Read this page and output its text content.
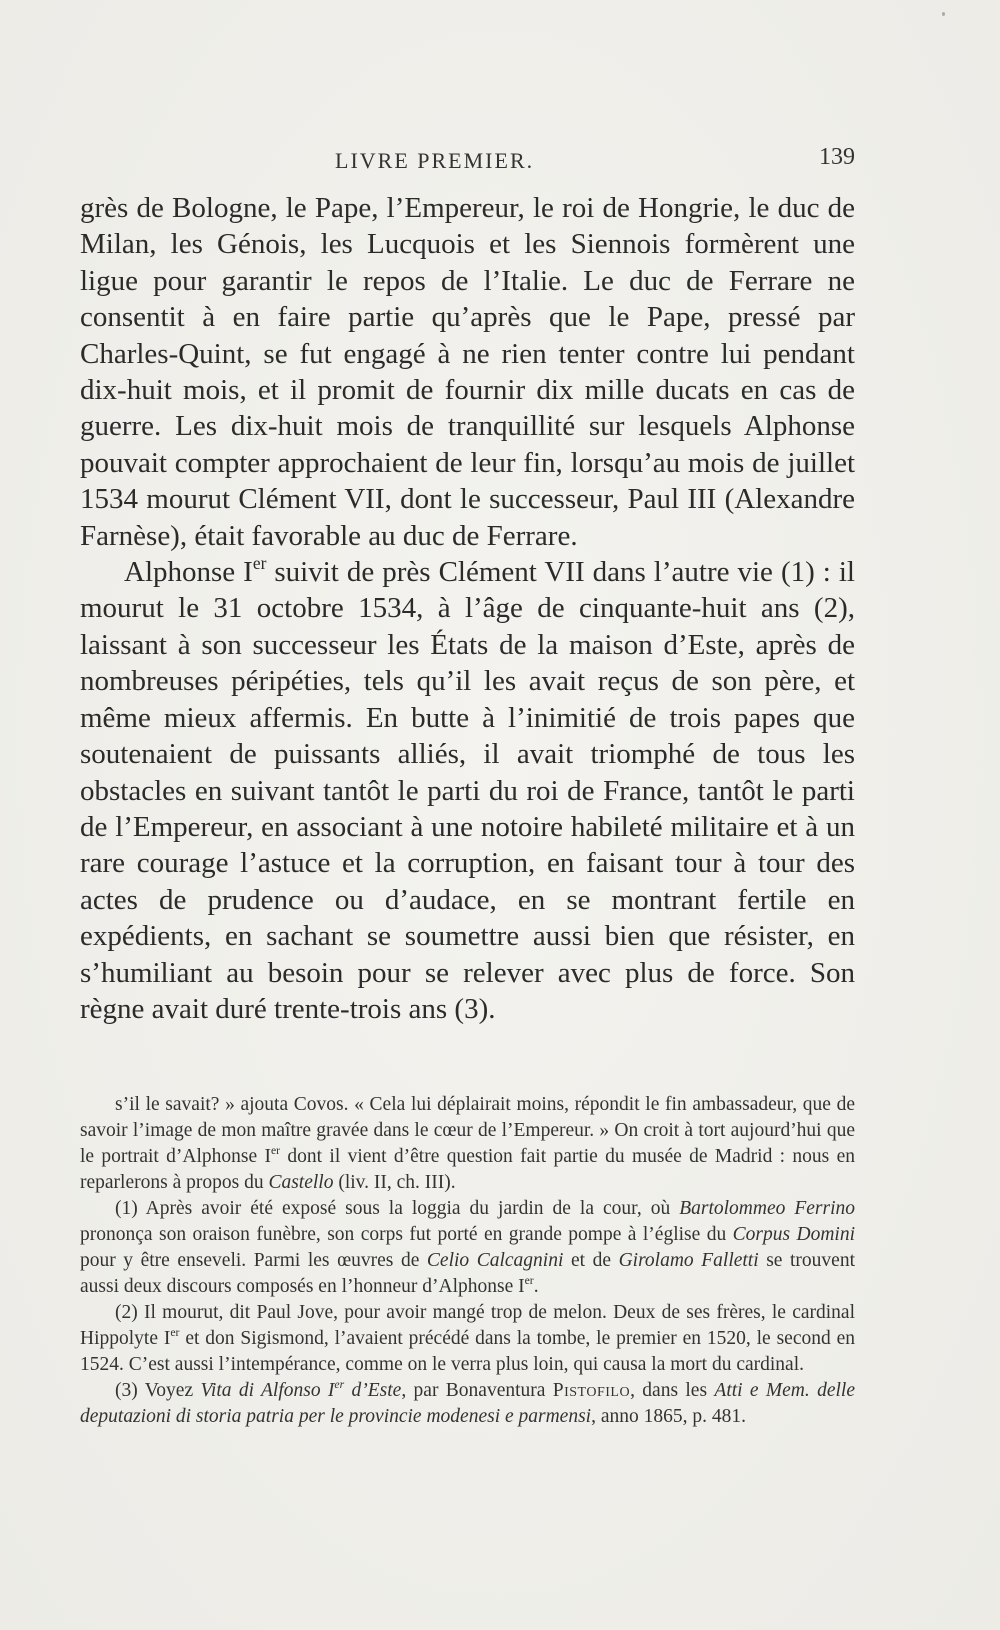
LIVRE PREMIER.	139

grès de Bologne, le Pape, l’Empereur, le roi de Hongrie, le duc de Milan, les Génois, les Lucquois et les Siennois formèrent une ligue pour garantir le repos de l’Italie. Le duc de Ferrare ne consentit à en faire partie qu’après que le Pape, pressé par Charles-Quint, se fut engagé à ne rien tenter contre lui pendant dix-huit mois, et il promit de fournir dix mille ducats en cas de guerre. Les dix-huit mois de tranquillité sur lesquels Alphonse pouvait compter approchaient de leur fin, lorsqu’au mois de juillet 1534 mourut Clément VII, dont le successeur, Paul III (Alexandre Farnèse), était favorable au duc de Ferrare.

Alphonse Ier suivit de près Clément VII dans l’autre vie (1) : il mourut le 31 octobre 1534, à l’âge de cinquante-huit ans (2), laissant à son successeur les États de la maison d’Este, après de nombreuses péripéties, tels qu’il les avait reçus de son père, et même mieux affermis. En butte à l’inimitié de trois papes que soutenaient de puissants alliés, il avait triomphé de tous les obstacles en suivant tantôt le parti du roi de France, tantôt le parti de l’Empereur, en associant à une notoire habileté militaire et à un rare courage l’astuce et la corruption, en faisant tour à tour des actes de prudence ou d’audace, en se montrant fertile en expédients, en sachant se soumettre aussi bien que résister, en s’humiliant au besoin pour se relever avec plus de force. Son règne avait duré trente-trois ans (3).

s’il le savait? » ajouta Covos. « Cela lui déplairait moins, répondit le fin ambassadeur, que de savoir l’image de mon maître gravée dans le cœur de l’Empereur. » On croit à tort aujourd’hui que le portrait d’Alphonse Ier dont il vient d’être question fait partie du musée de Madrid : nous en reparlerons à propos du Castello (liv. II, ch. III).

(1) Après avoir été exposé sous la loggia du jardin de la cour, où Bartolommeo Ferrino prononça son oraison funèbre, son corps fut porté en grande pompe à l’église du Corpus Domini pour y être enseveli. Parmi les œuvres de Celio Calcagnini et de Girolamo Falletti se trouvent aussi deux discours composés en l’honneur d’Alphonse Ier.

(2) Il mourut, dit Paul Jove, pour avoir mangé trop de melon. Deux de ses frères, le cardinal Hippolyte Ier et don Sigismond, l’avaient précédé dans la tombe, le premier en 1520, le second en 1524. C’est aussi l’intempérance, comme on le verra plus loin, qui causa la mort du cardinal.

(3) Voyez Vita di Alfonso Ier d’Este, par Bonaventura Pistofilo, dans les Atti e Mem. delle deputazioni di storia patria per le provincie modenesi e parmensi, anno 1865, p. 481.
